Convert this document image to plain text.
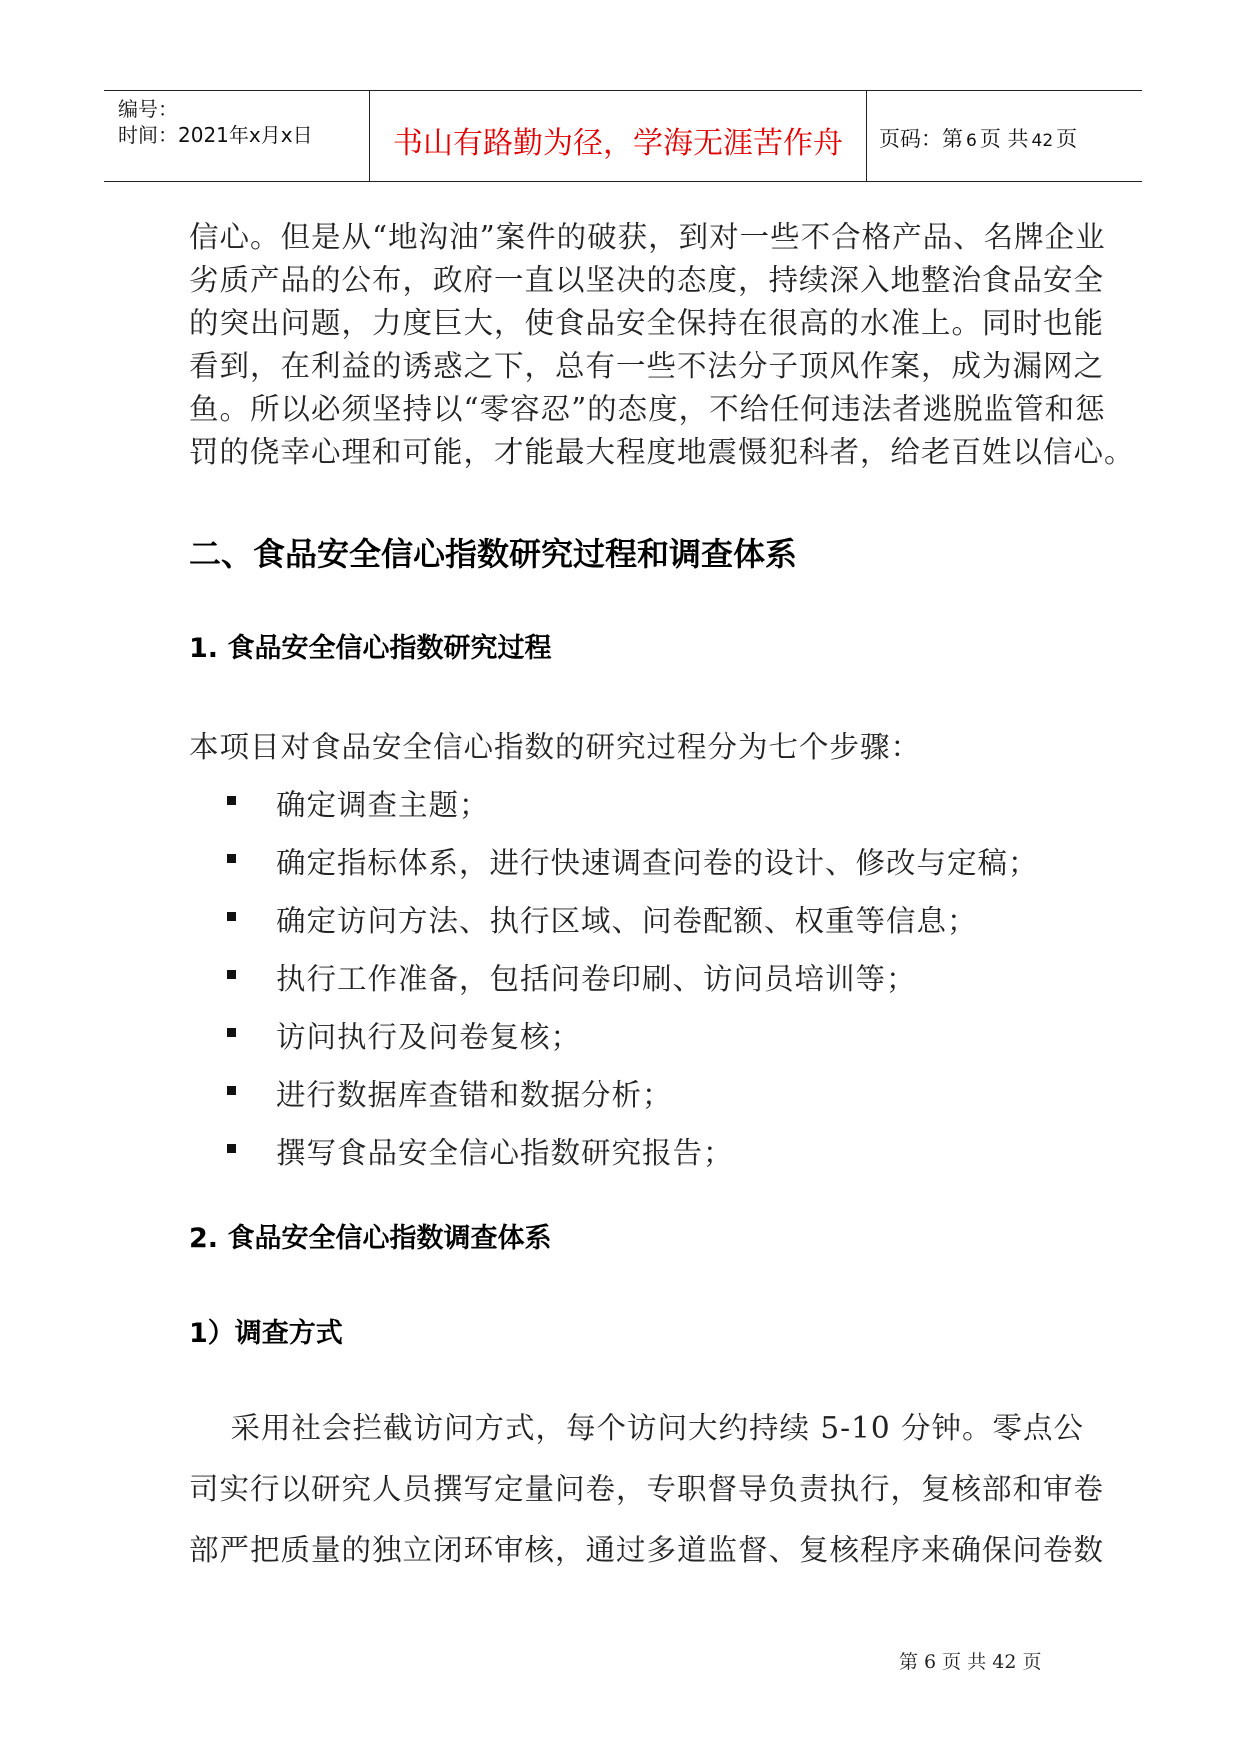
编号：
时间：2021年x月x日	书山有路勤为径，学海无涯苦作舟	页码：第 6 页 共 42 页
信心。但是从“地沟油”案件的破获，到对一些不合格产品、名牌企业
劣质产品的公布，政府一直以坚决的态度，持续深入地整治食品安全
的突出问题，力度巨大，使食品安全保持在很高的水准上。同时也能
看到，在利益的诱惑之下，总有一些不法分子顶风作案，成为漏网之
鱼。所以必须坚持以“零容忍”的态度，不给任何违法者逃脱监管和惩
罚的侥幸心理和可能，才能最大程度地震慑犯科者，给老百姓以信心。
二、食品安全信心指数研究过程和调查体系
1. 食品安全信心指数研究过程
本项目对食品安全信心指数的研究过程分为七个步骤：
确定调查主题；
确定指标体系，进行快速调查问卷的设计、修改与定稿；
确定访问方法、执行区域、问卷配额、权重等信息；
执行工作准备，包括问卷印刷、访问员培训等；
访问执行及问卷复核；
进行数据库查错和数据分析；
撰写食品安全信心指数研究报告；
2. 食品安全信心指数调查体系
1）调查方式
采用社会拦截访问方式，每个访问大约持续 5-10 分钟。零点公
司实行以研究人员撰写定量问卷，专职督导负责执行，复核部和审卷
部严把质量的独立闭环审核，通过多道监督、复核程序来确保问卷数
第 6 页 共 42 页
